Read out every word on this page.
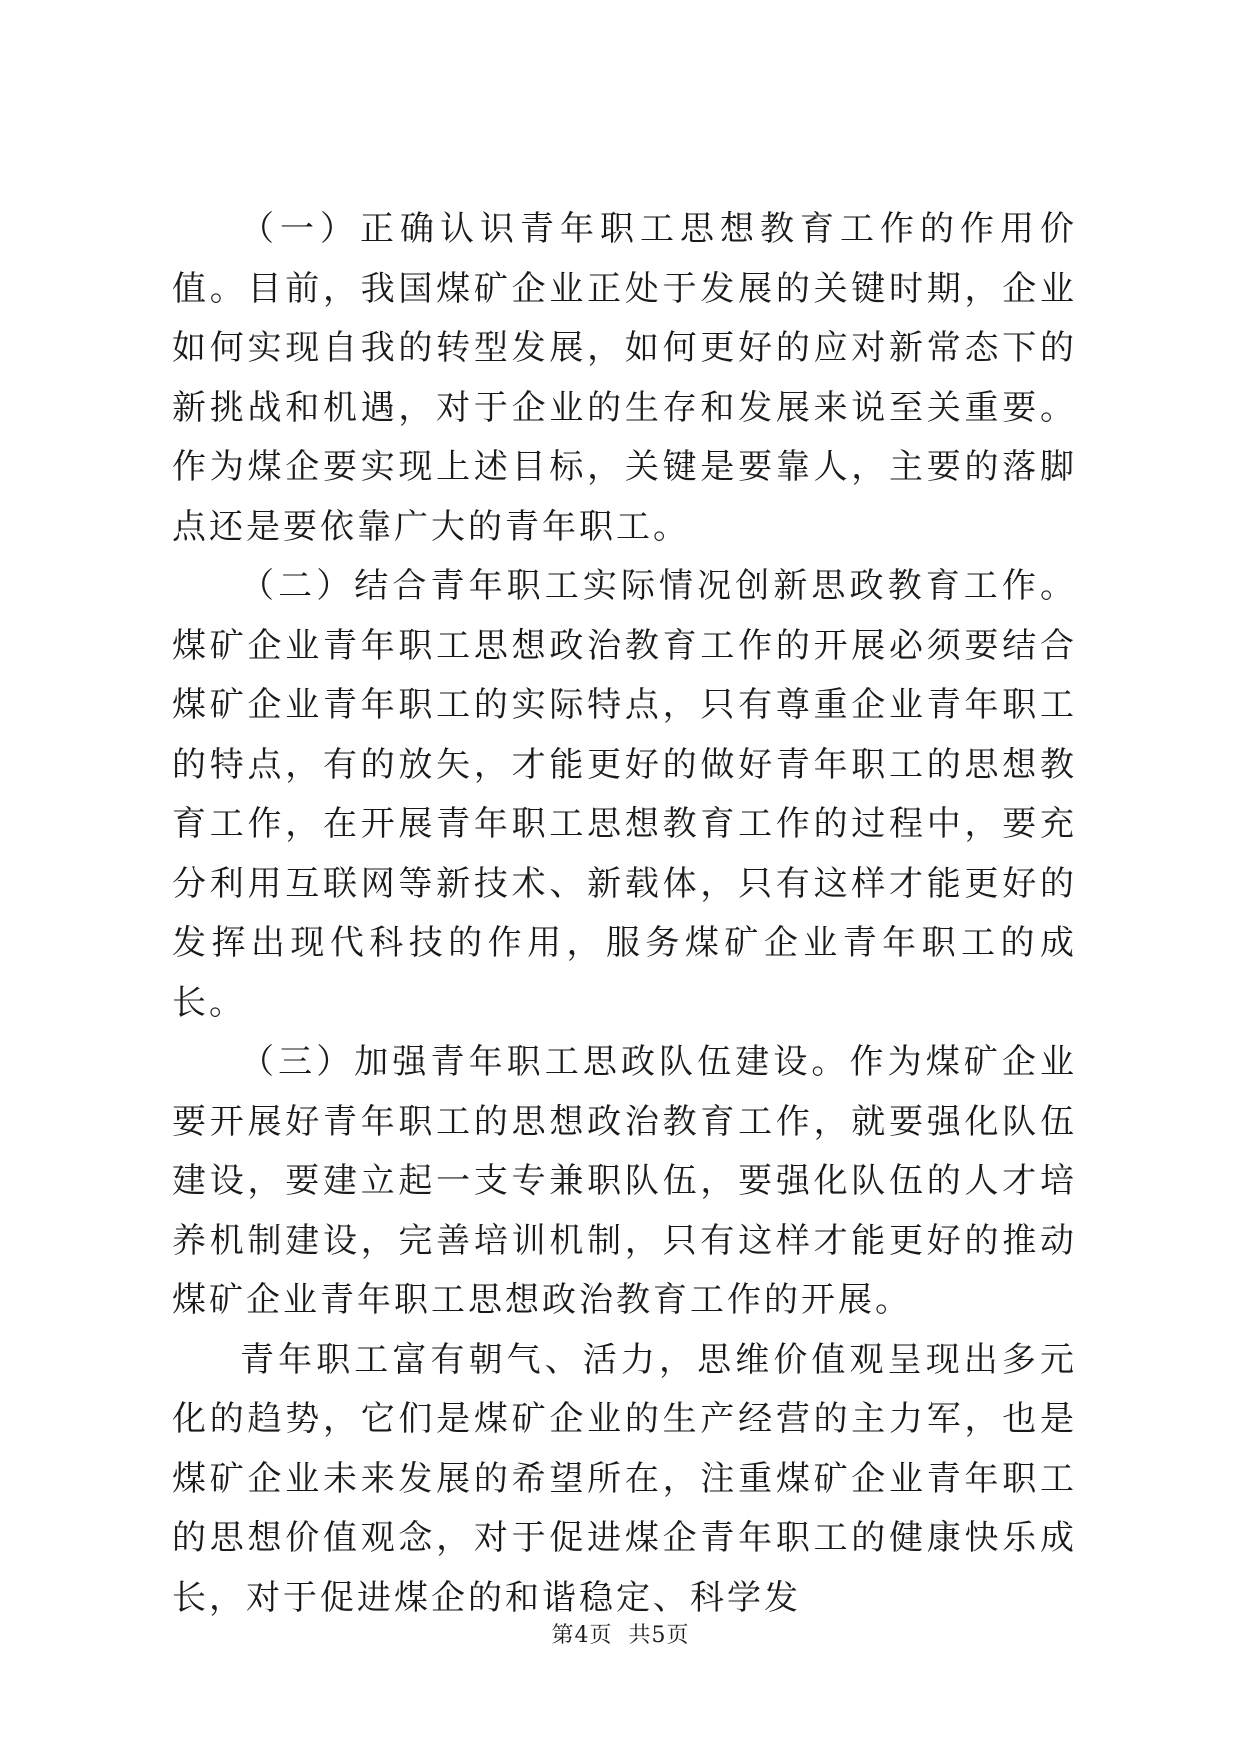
（一）正确认识青年职工思想教育工作的作用价值。目前，我国煤矿企业正处于发展的关键时期，企业如何实现自我的转型发展，如何更好的应对新常态下的新挑战和机遇，对于企业的生存和发展来说至关重要。作为煤企要实现上述目标，关键是要靠人，主要的落脚点还是要依靠广大的青年职工。

（二）结合青年职工实际情况创新思政教育工作。煤矿企业青年职工思想政治教育工作的开展必须要结合煤矿企业青年职工的实际特点，只有尊重企业青年职工的特点，有的放矢，才能更好的做好青年职工的思想教育工作，在开展青年职工思想教育工作的过程中，要充分利用互联网等新技术、新载体，只有这样才能更好的发挥出现代科技的作用，服务煤矿企业青年职工的成长。

（三）加强青年职工思政队伍建设。作为煤矿企业要开展好青年职工的思想政治教育工作，就要强化队伍建设，要建立起一支专兼职队伍，要强化队伍的人才培养机制建设，完善培训机制，只有这样才能更好的推动煤矿企业青年职工思想政治教育工作的开展。

青年职工富有朝气、活力，思维价值观呈现出多元化的趋势，它们是煤矿企业的生产经营的主力军，也是煤矿企业未来发展的希望所在，注重煤矿企业青年职工的思想价值观念，对于促进煤企青年职工的健康快乐成长，对于促进煤企的和谐稳定、科学发

第4页 共5页
